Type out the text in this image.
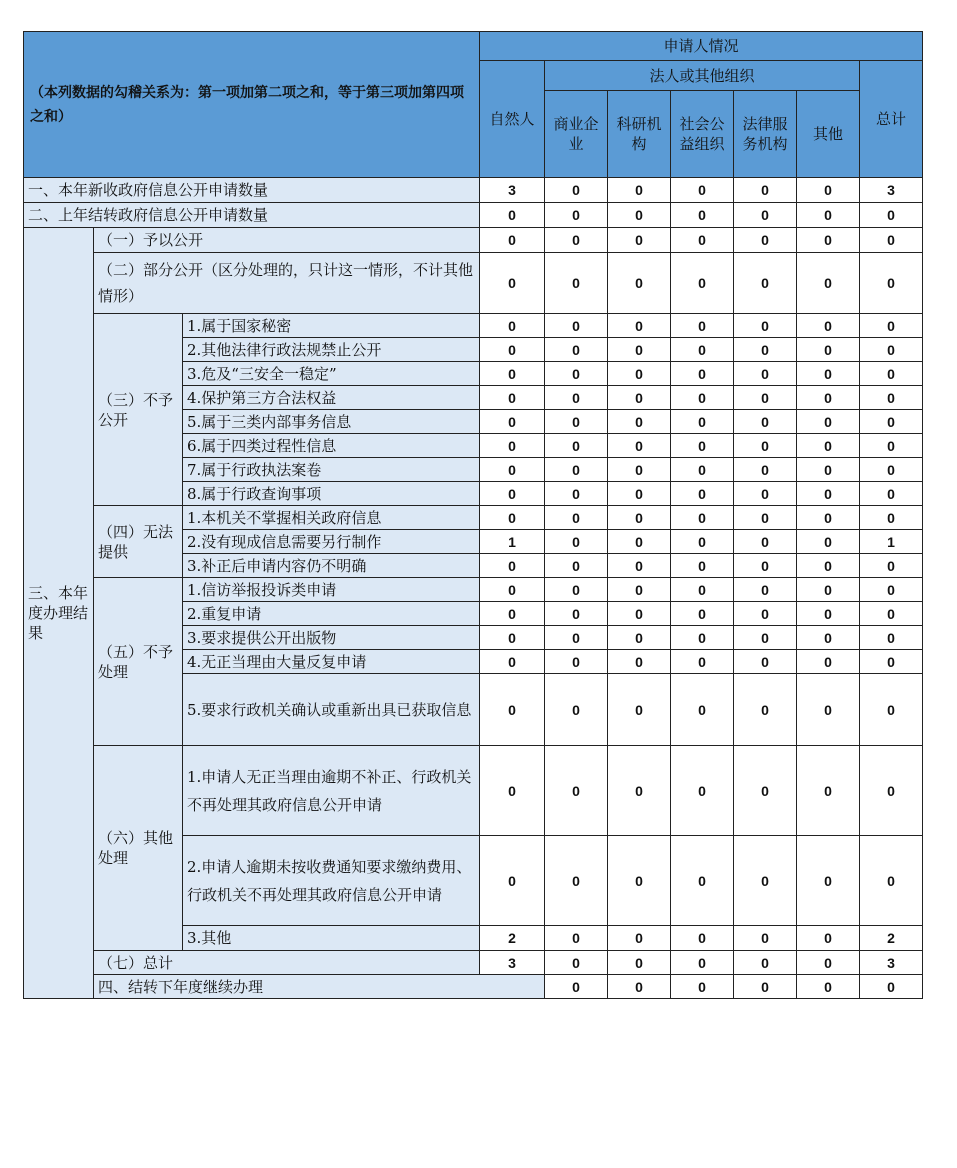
（本列数据的勾稽关系为：第一项加第二项之和，等于第三项加第四项之和）			申请人情况							
			自然人	法人或其他组织					总计	
				商业企业	科研机构	社会公益组织	法律服务机构	其他		

一、本年新收政府信息公开申请数量			3	0	0	0	0	0	3	
二、上年结转政府信息公开申请数量			0	0	0	0	0	0	0	
三、本年度办理结果	（一）予以公开		0	0	0	0	0	0	0	
	（二）部分公开（区分处理的，只计这一情形，不计其他情形）		0	0	0	0	0	0	0	
	（三）不予公开	1.属于国家秘密	0	0	0	0	0	0	0	
		2.其他法律行政法规禁止公开	0	0	0	0	0	0	0	
		3.危及“三安全一稳定”	0	0	0	0	0	0	0	
		4.保护第三方合法权益	0	0	0	0	0	0	0	
		5.属于三类内部事务信息	0	0	0	0	0	0	0	
		6.属于四类过程性信息	0	0	0	0	0	0	0	
		7.属于行政执法案卷	0	0	0	0	0	0	0	
		8.属于行政查询事项	0	0	0	0	0	0	0	
	（四）无法提供	1.本机关不掌握相关政府信息	0	0	0	0	0	0	0	
		2.没有现成信息需要另行制作	1	0	0	0	0	0	1	
		3.补正后申请内容仍不明确	0	0	0	0	0	0	0	
	（五）不予处理	1.信访举报投诉类申请	0	0	0	0	0	0	0	
		2.重复申请	0	0	0	0	0	0	0	
		3.要求提供公开出版物	0	0	0	0	0	0	0	
		4.无正当理由大量反复申请	0	0	0	0	0	0	0	
		5.要求行政机关确认或重新出具已获取信息	0	0	0	0	0	0	0	
	（六）其他处理	1.申请人无正当理由逾期不补正、行政机关不再处理其政府信息公开申请	0	0	0	0	0	0	0	
		2.申请人逾期未按收费通知要求缴纳费用、行政机关不再处理其政府信息公开申请	0	0	0	0	0	0	0	
		3.其他	2	0	0	0	0	0	2	
	（七）总计		3	0	0	0	0	0	3	
	四、结转下年度继续办理			0	0	0	0	0	0	
